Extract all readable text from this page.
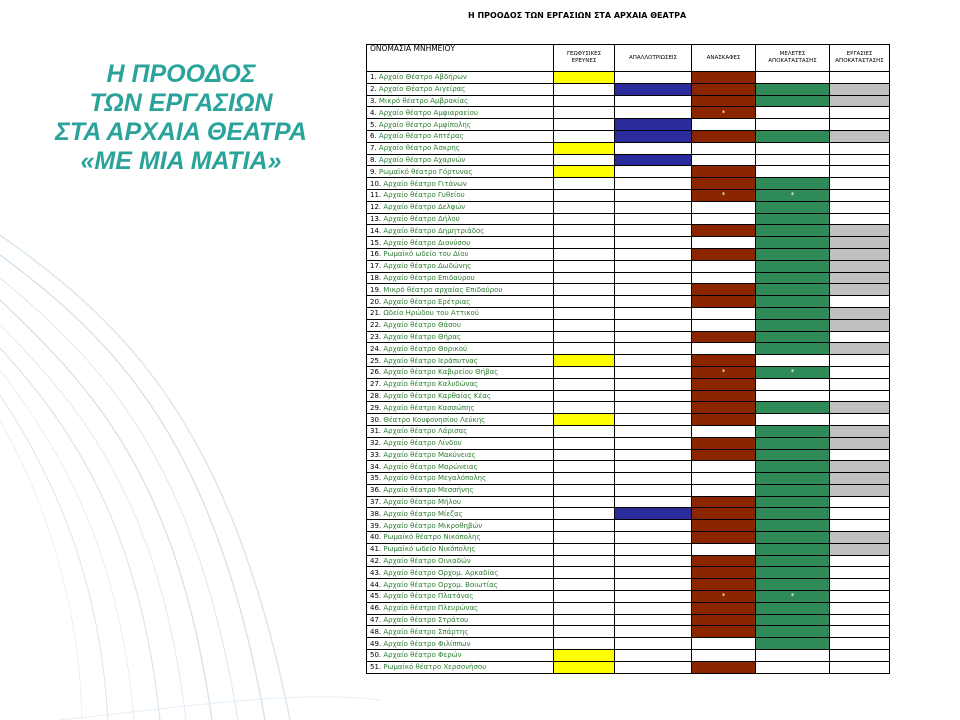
Η ΠΡΟΟΔΟΣ
ΤΩΝ ΕΡΓΑΣΙΩΝ
ΣΤΑ ΑΡΧΑΙΑ ΘΕΑΤΡΑ
«ΜΕ ΜΙΑ ΜΑΤΙΑ»
Η ΠΡΟΟΔΟΣ ΤΩΝ ΕΡΓΑΣΙΩΝ ΣΤΑ ΑΡΧΑΙΑ ΘΕΑΤΡΑ
ΟΝΟΜΑΣΙΑ ΜΝΗΜΕΙΟΥ	ΓΕΩΦΥΣΙΚΕΣ ΕΡΕΥΝΕΣ	ΑΠΑΛΛΟΤΡΙΩΣΕΙΣ	ΑΝΑΣΚΑΦΕΣ	ΜΕΛΕΤΕΣ ΑΠΟΚΑΤΑΣΤΑΣΗΣ	ΕΡΓΑΣΙΕΣ ΑΠΟΚΑΤΑΣΤΑΣΗΣ
1. Αρχαίο Θέατρο Αβδήρων					
2. Αρχαίο Θέατρο Αιγείρας					
3. Μικρό θέατρο Αμβρακίας					
4. Αρχαίο θέατρο Αμφιαραείου			*		
5. Αρχαίο θέατρο Αμφίπολης					
6. Αρχαίο θέατρο Απτέρας					
7. Αρχαίο θέατρο Άσκρης					
8. Αρχαίο θέατρο Αχαρνών					
9. Ρωμαϊκό θέατρο Γόρτυνας					
10. Αρχαίο θέατρο Γιτάνων					
11. Αρχαίο θέατρο Γυθείου			*	*	
12. Αρχαίο θέατρο Δελφών					
13. Αρχαίο θέατρο Δήλου					
14. Αρχαίο θέατρο Δημητριάδος					
15. Αρχαίο θέατρο Διονύσου					
16. Ρωμαϊκό ωδείο του Δίου					
17. Αρχαίο θέατρο Δωδώνης					
18. Αρχαίο θέατρο Επιδαύρου					
19. Μικρό θέατρο αρχαίας Επιδαύρου					
20. Αρχαίο θέατρο Ερέτριας					
21. Ωδείο Ηρώδου του Αττικού					
22. Αρχαίο θέατρο Θάσου					
23. Αρχαίο θέατρο Θήρας					
24. Αρχαίο θέατρο Θορικού					
25. Αρχαίο θέατρο Ιεράπυτνας					
26. Αρχαίο θέατρο Καβιρείου Θήβας			*	*	
27. Αρχαίο θέατρο Καλυδώνας					
28. Αρχαίο θέατρο Καρθαίας Κέας					
29. Αρχαίο θέατρο Κασσώπης					
30. Θέατρο Κουφονησίου Λεύκης					
31. Αρχαίο θέατρο Λάρισας					
32. Αρχαίο θέατρο Λίνδου					
33. Αρχαίο θέατρο Μακύνειας					
34. Αρχαίο θέατρο Μαρώνειας					
35. Αρχαίο θέατρο Μεγαλόπολης					
36. Αρχαίο θέατρο Μεσσήνης					
37. Αρχαίο θέατρο Μήλου					
38. Αρχαίο θέατρο Μίεζας					
39. Αρχαίο θέατρο Μικροθηβών					
40. Ρωμαϊκό θέατρο Νικόπολης					
41. Ρωμαϊκό ωδείο Νικόπολης					
42. Αρχαίο θέατρο Οινιαδών					
43. Αρχαίο θέατρο Ορχομ. Αρκαδίας					
44. Αρχαίο θέατρο Ορχομ. Βοιωτίας					
45. Αρχαίο θέατρο Πλατάνας			*	*	
46. Αρχαίο θέατρο Πλευρώνας					
47. Αρχαίο θέατρο Στράτου					
48. Αρχαίο θέατρο Σπάρτης					
49. Αρχαίο θέατρο Φιλίππων					
50. Αρχαίο θέατρο Φερών					
51. Ρωμαϊκό θέατρο Χερσονήσου					
